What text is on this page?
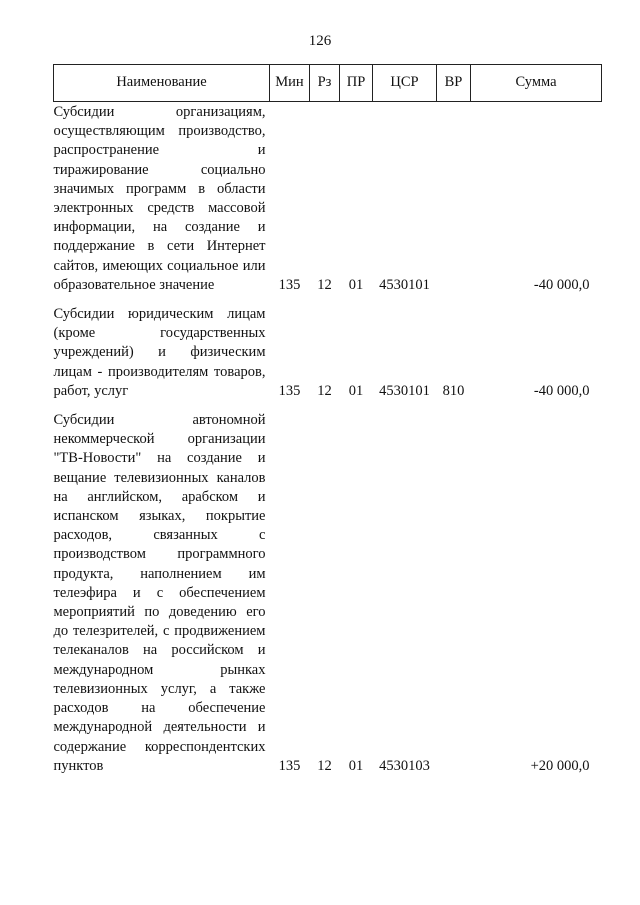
126
Наименование	Мин	Рз	ПР	ЦСР	ВР	Сумма
Субсидии организациям, осуществляющим производство, распространение и тиражирование социально значимых программ в области электронных средств массовой информации, на создание и поддержание в сети Интернет сайтов, имеющих социальное или образовательное значение	135	12	01	4530101		-40 000,0
Субсидии юридическим лицам (кроме государственных учреждений) и физическим лицам - производителям товаров, работ, услуг	135	12	01	4530101	810	-40 000,0
Субсидии автономной некоммерческой организации "ТВ-Новости" на создание и вещание телевизионных каналов на английском, арабском и испанском языках, покрытие расходов, связанных с производством программного продукта, наполнением им телеэфира и с обеспечением мероприятий по доведению его до телезрителей, с продвижением телеканалов на российском и международном рынках телевизионных услуг, а также расходов на обеспечение международной деятельности и содержание корреспондентских пунктов	135	12	01	4530103		+20 000,0
